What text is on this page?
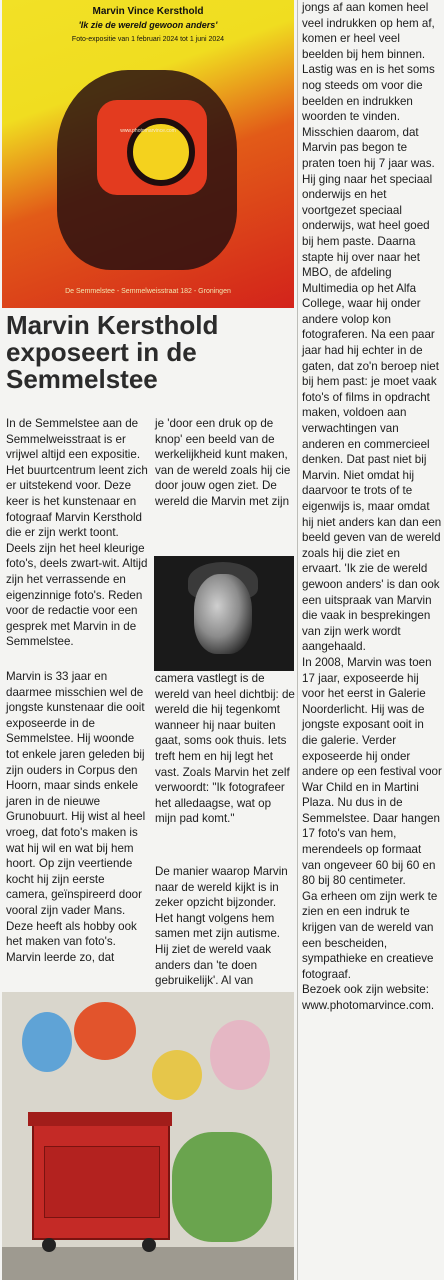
Marvin Vince Kersthold
'Ik zie de wereld gewoon anders'
Foto-expositie van 1 februari 2024 tot 1 juni 2024
www.photomarvince.com
De Semmelstee - Semmelweisstraat 182 - Groningen
Marvin Kersthold exposeert in de Semmelstee

In de Semmelstee aan de Semmelweisstraat is er vrijwel altijd een expositie. Het buurtcentrum leent zich er uitstekend voor. Deze keer is het kunstenaar en fotograaf Marvin Kersthold die er zijn werkt toont. Deels zijn het heel kleurige foto's, deels zwart-wit. Altijd zijn het verrassende en eigenzinnige foto's. Reden voor de redactie voor een gesprek met Marvin in de Semmelstee.

Marvin is 33 jaar en daarmee misschien wel de jongste kunstenaar die ooit exposeerde in de Semmelstee. Hij woonde tot enkele jaren geleden bij zijn ouders in Corpus den Hoorn, maar sinds enkele jaren in de nieuwe Grunobuurt. Hij wist al heel vroeg, dat foto's maken is wat hij wil en wat bij hem hoort. Op zijn veertiende kocht hij zijn eerste camera, geïnspireerd door vooral zijn vader Mans. Deze heeft als hobby ook het maken van foto's. Marvin leerde zo, dat

je 'door een druk op de knop' een beeld van de werkelijkheid kunt maken, van de wereld zoals hij cie door jouw ogen ziet. De wereld die Marvin met zijn

camera vastlegt is de wereld van heel dichtbij: de wereld die hij tegenkomt wanneer hij naar buiten gaat, soms ook thuis. Iets treft hem en hij legt het vast. Zoals Marvin het zelf verwoordt: "Ik fotografeer het alledaagse, wat op mijn pad komt."

De manier waarop Marvin naar de wereld kijkt is in zeker opzicht bijzonder. Het hangt volgens hem samen met zijn autisme. Hij ziet de wereld vaak anders dan 'te doen gebruikelijk'. Al van

jongs af aan komen heel veel indrukken op hem af, komen er heel veel beelden bij hem binnen. Lastig was en is het soms nog steeds om voor die beelden en indrukken woorden te vinden. Misschien daarom, dat Marvin pas begon te praten toen hij 7 jaar was. Hij ging naar het speciaal onderwijs en het voortgezet speciaal onderwijs, wat heel goed bij hem paste. Daarna stapte hij over naar het MBO, de afdeling Multimedia op het Alfa College, waar hij onder andere volop kon fotograferen. Na een paar jaar had hij echter in de gaten, dat zo'n beroep niet bij hem past: je moet vaak foto's of films in opdracht maken, voldoen aan verwachtingen van anderen en commercieel denken. Dat past niet bij Marvin. Niet omdat hij daarvoor te trots of te eigenwijs is, maar omdat hij niet anders kan dan een beeld geven van de wereld zoals hij die ziet en ervaart. 'Ik zie de wereld gewoon anders' is dan ook een uitspraak van Marvin die vaak in besprekingen van zijn werk wordt aangehaald.

In 2008, Marvin was toen 17 jaar, exposeerde hij voor het eerst in Galerie Noorderlicht. Hij was de jongste exposant ooit in die galerie. Verder exposeerde hij onder andere op een festival voor War Child en in Martini Plaza. Nu dus in de Semmelstee. Daar hangen 17 foto's van hem, merendeels op formaat van ongeveer 60 bij 60 en 80 bij 80 centimeter.

Ga erheen om zijn werk te zien en een indruk te krijgen van de wereld van een bescheiden, sympathieke en creatieve fotograaf.

Bezoek ook zijn website: www.photomarvince.com.
